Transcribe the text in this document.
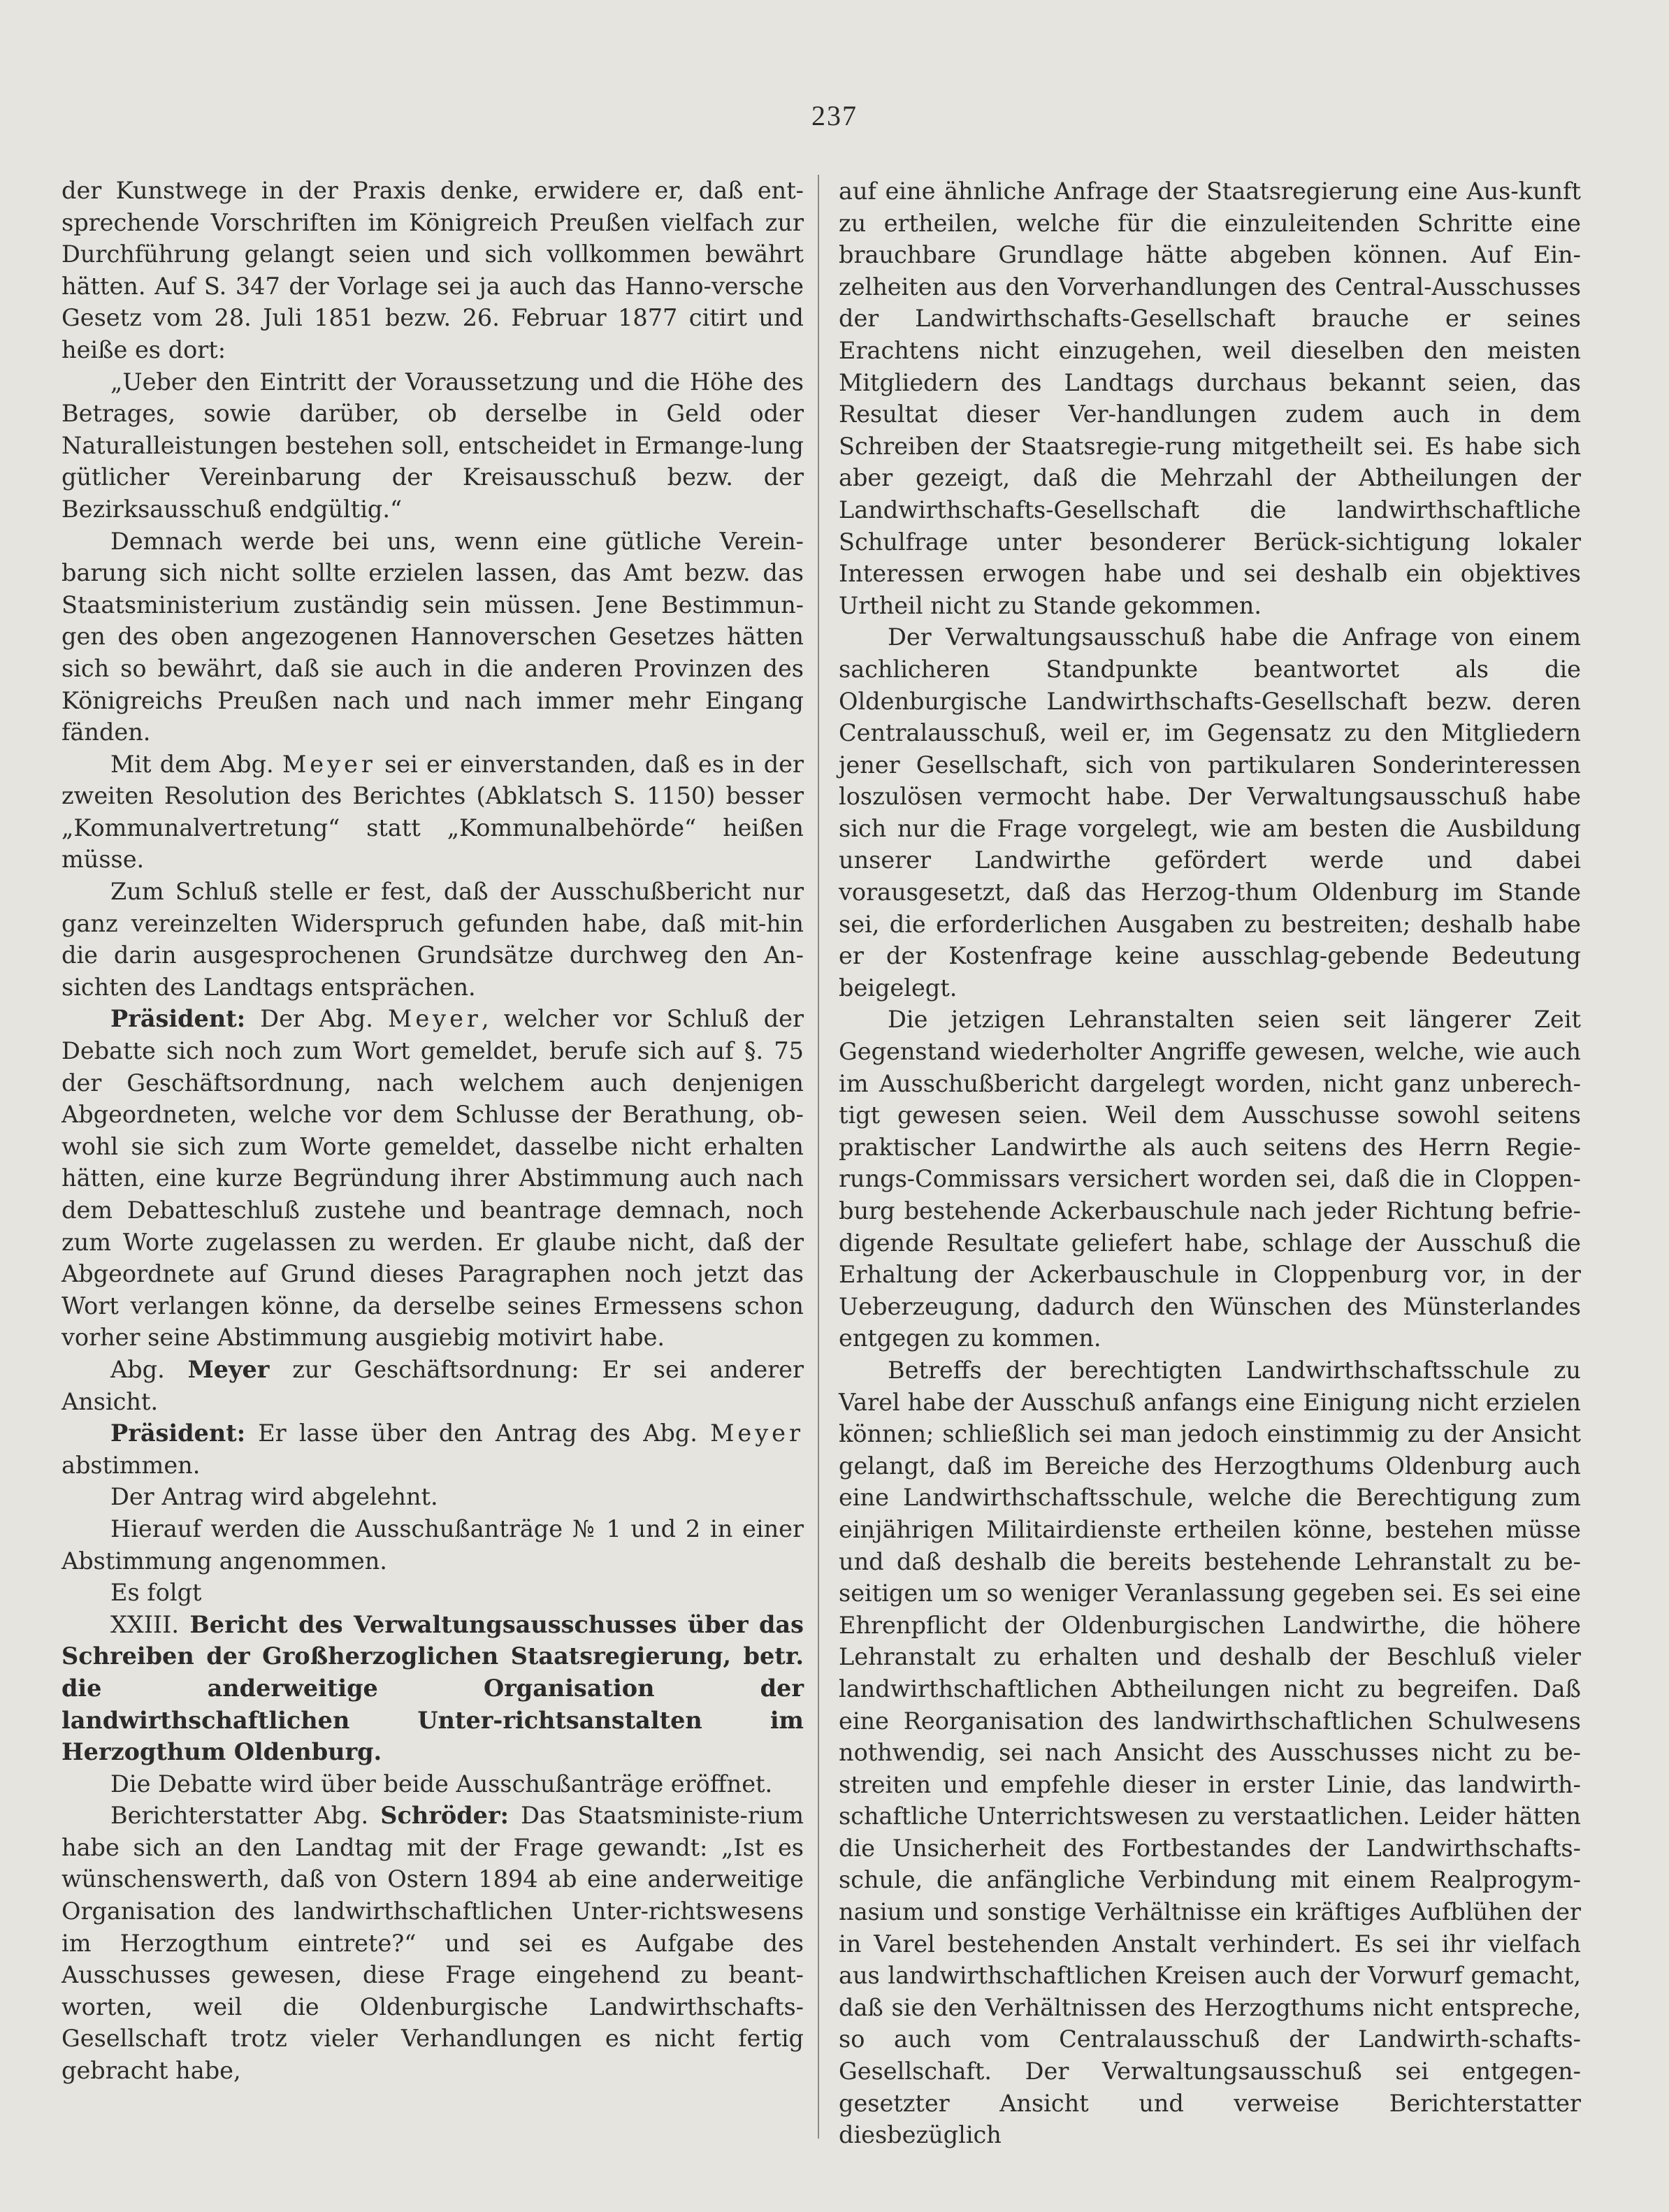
237

der Kunstwege in der Praxis denke, erwidere er, daß ent-sprechende Vorschriften im Königreich Preußen vielfach zur Durchführung gelangt seien und sich vollkommen bewährt hätten. Auf S. 347 der Vorlage sei ja auch das Hanno-versche Gesetz vom 28. Juli 1851 bezw. 26. Februar 1877 citirt und heiße es dort:

„Ueber den Eintritt der Voraussetzung und die Höhe des Betrages, sowie darüber, ob derselbe in Geld oder Naturalleistungen bestehen soll, entscheidet in Ermange-lung gütlicher Vereinbarung der Kreisausschuß bezw. der Bezirksausschuß endgültig.“

Demnach werde bei uns, wenn eine gütliche Verein-barung sich nicht sollte erzielen lassen, das Amt bezw. das Staatsministerium zuständig sein müssen. Jene Bestimmun-gen des oben angezogenen Hannoverschen Gesetzes hätten sich so bewährt, daß sie auch in die anderen Provinzen des Königreichs Preußen nach und nach immer mehr Eingang fänden.

Mit dem Abg. Meyer sei er einverstanden, daß es in der zweiten Resolution des Berichtes (Abklatsch S. 1150) besser „Kommunalvertretung“ statt „Kommunalbehörde“ heißen müsse.

Zum Schluß stelle er fest, daß der Ausschußbericht nur ganz vereinzelten Widerspruch gefunden habe, daß mit-hin die darin ausgesprochenen Grundsätze durchweg den An-sichten des Landtags entsprächen.

Präsident: Der Abg. Meyer, welcher vor Schluß der Debatte sich noch zum Wort gemeldet, berufe sich auf §. 75 der Geschäftsordnung, nach welchem auch denjenigen Abgeordneten, welche vor dem Schlusse der Berathung, ob-wohl sie sich zum Worte gemeldet, dasselbe nicht erhalten hätten, eine kurze Begründung ihrer Abstimmung auch nach dem Debatteschluß zustehe und beantrage demnach, noch zum Worte zugelassen zu werden. Er glaube nicht, daß der Abgeordnete auf Grund dieses Paragraphen noch jetzt das Wort verlangen könne, da derselbe seines Ermessens schon vorher seine Abstimmung ausgiebig motivirt habe.

Abg. Meyer zur Geschäftsordnung: Er sei anderer Ansicht.

Präsident: Er lasse über den Antrag des Abg. Meyer abstimmen.

Der Antrag wird abgelehnt.

Hierauf werden die Ausschußanträge № 1 und 2 in einer Abstimmung angenommen.

Es folgt

XXIII. Bericht des Verwaltungsausschusses über das Schreiben der Großherzoglichen Staatsregierung, betr. die anderweitige Organisation der landwirthschaftlichen Unter-richtsanstalten im Herzogthum Oldenburg.

Die Debatte wird über beide Ausschußanträge eröffnet.

Berichterstatter Abg. Schröder: Das Staatsministe-rium habe sich an den Landtag mit der Frage gewandt: „Ist es wünschenswerth, daß von Ostern 1894 ab eine anderweitige Organisation des landwirthschaftlichen Unter-richtswesens im Herzogthum eintrete?“ und sei es Aufgabe des Ausschusses gewesen, diese Frage eingehend zu beant-worten, weil die Oldenburgische Landwirthschafts-Gesellschaft trotz vieler Verhandlungen es nicht fertig gebracht habe,

auf eine ähnliche Anfrage der Staatsregierung eine Aus-kunft zu ertheilen, welche für die einzuleitenden Schritte eine brauchbare Grundlage hätte abgeben können. Auf Ein-zelheiten aus den Vorverhandlungen des Central-Ausschusses der Landwirthschafts-Gesellschaft brauche er seines Erachtens nicht einzugehen, weil dieselben den meisten Mitgliedern des Landtags durchaus bekannt seien, das Resultat dieser Ver-handlungen zudem auch in dem Schreiben der Staatsregie-rung mitgetheilt sei. Es habe sich aber gezeigt, daß die Mehrzahl der Abtheilungen der Landwirthschafts-Gesellschaft die landwirthschaftliche Schulfrage unter besonderer Berück-sichtigung lokaler Interessen erwogen habe und sei deshalb ein objektives Urtheil nicht zu Stande gekommen.

Der Verwaltungsausschuß habe die Anfrage von einem sachlicheren Standpunkte beantwortet als die Oldenburgische Landwirthschafts-Gesellschaft bezw. deren Centralausschuß, weil er, im Gegensatz zu den Mitgliedern jener Gesellschaft, sich von partikularen Sonderinteressen loszulösen vermocht habe. Der Verwaltungsausschuß habe sich nur die Frage vorgelegt, wie am besten die Ausbildung unserer Landwirthe gefördert werde und dabei vorausgesetzt, daß das Herzog-thum Oldenburg im Stande sei, die erforderlichen Ausgaben zu bestreiten; deshalb habe er der Kostenfrage keine ausschlag-gebende Bedeutung beigelegt.

Die jetzigen Lehranstalten seien seit längerer Zeit Gegenstand wiederholter Angriffe gewesen, welche, wie auch im Ausschußbericht dargelegt worden, nicht ganz unberech-tigt gewesen seien. Weil dem Ausschusse sowohl seitens praktischer Landwirthe als auch seitens des Herrn Regie-rungs-Commissars versichert worden sei, daß die in Cloppen-burg bestehende Ackerbauschule nach jeder Richtung befrie-digende Resultate geliefert habe, schlage der Ausschuß die Erhaltung der Ackerbauschule in Cloppenburg vor, in der Ueberzeugung, dadurch den Wünschen des Münsterlandes entgegen zu kommen.

Betreffs der berechtigten Landwirthschaftsschule zu Varel habe der Ausschuß anfangs eine Einigung nicht erzielen können; schließlich sei man jedoch einstimmig zu der Ansicht gelangt, daß im Bereiche des Herzogthums Oldenburg auch eine Landwirthschaftsschule, welche die Berechtigung zum einjährigen Militairdienste ertheilen könne, bestehen müsse und daß deshalb die bereits bestehende Lehranstalt zu be-seitigen um so weniger Veranlassung gegeben sei. Es sei eine Ehrenpflicht der Oldenburgischen Landwirthe, die höhere Lehranstalt zu erhalten und deshalb der Beschluß vieler landwirthschaftlichen Abtheilungen nicht zu begreifen. Daß eine Reorganisation des landwirthschaftlichen Schulwesens nothwendig, sei nach Ansicht des Ausschusses nicht zu be-streiten und empfehle dieser in erster Linie, das landwirth-schaftliche Unterrichtswesen zu verstaatlichen. Leider hätten die Unsicherheit des Fortbestandes der Landwirthschafts-schule, die anfängliche Verbindung mit einem Realprogym-nasium und sonstige Verhältnisse ein kräftiges Aufblühen der in Varel bestehenden Anstalt verhindert. Es sei ihr vielfach aus landwirthschaftlichen Kreisen auch der Vorwurf gemacht, daß sie den Verhältnissen des Herzogthums nicht entspreche, so auch vom Centralausschuß der Landwirth-schafts-Gesellschaft. Der Verwaltungsausschuß sei entgegen-gesetzter Ansicht und verweise Berichterstatter diesbezüglich
